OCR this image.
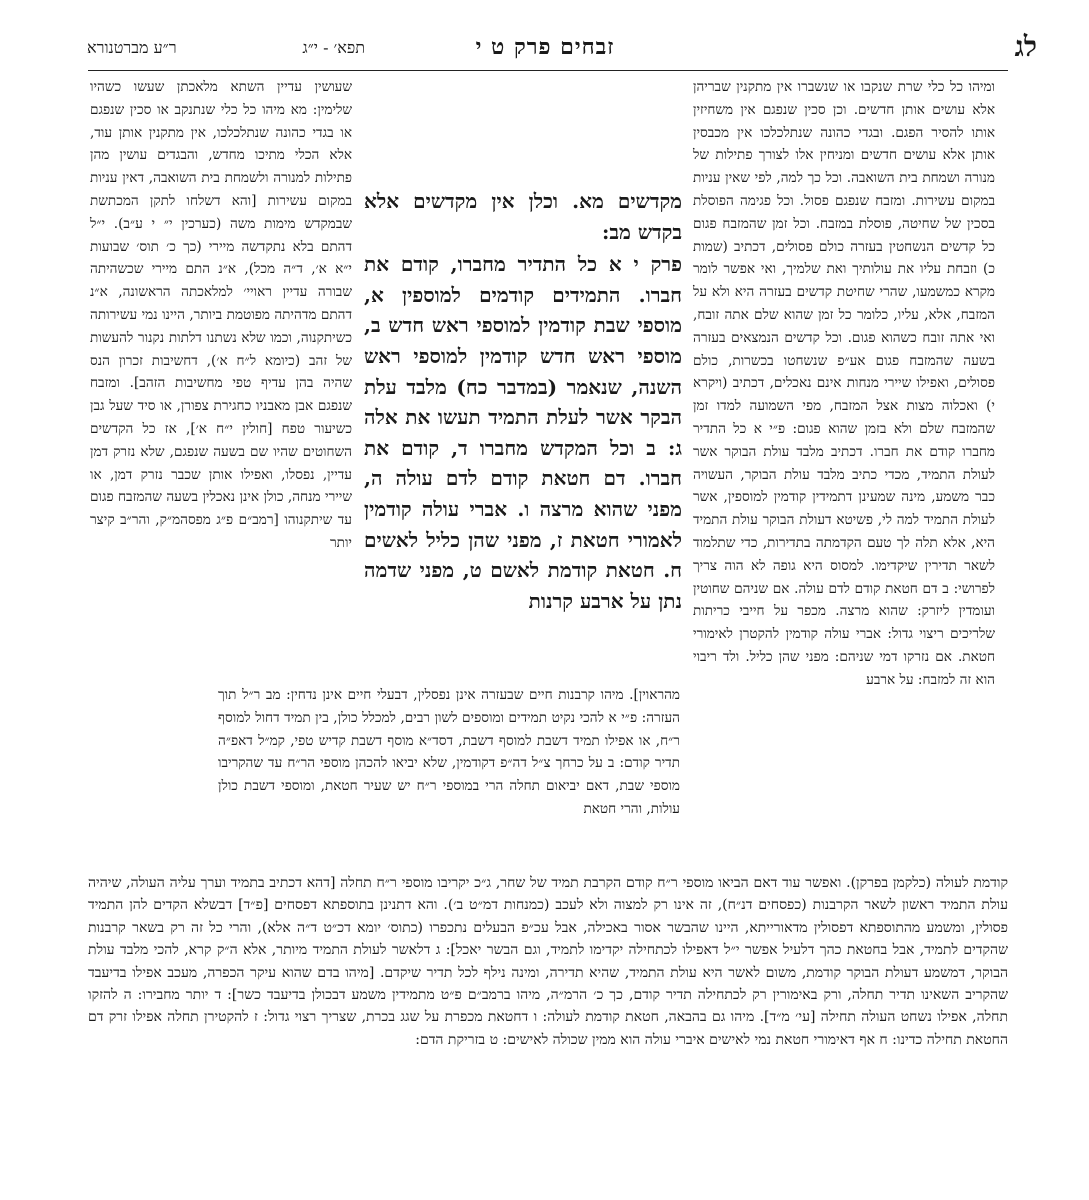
לג
תפא׳ - י״ג	זבחים פרק ט י
ר״ע מברטנורא

ומיהו כל כלי שרת שנקבו או שנשברו אין מתקנין שבריהן אלא עושים אותן חדשים. וכן סכין שנפגם אין משחיזין אותו להסיר הפגם. ובגדי כהונה שנתלכלכו אין מכבסין אותן אלא עושים חדשים ומניחין אלו לצורך פתילות של מנורה ושמחת בית השואבה. וכל כך למה, לפי שאין עניות במקום עשירות. ומזבח שנפגם פסול. וכל פגימה הפוסלת בסכין של שחיטה, פוסלת במזבח. וכל זמן שהמזבח פגום כל קדשים הנשחטין בעזרה כולם פסולים, דכתיב (שמות כ) וזבחת עליו את עולותיך ואת שלמיך, ואי אפשר לומר מקרא כמשמעו, שהרי שחיטת קדשים בעזרה היא ולא על המזבח, אלא, עליו, כלומר כל זמן שהוא שלם אתה זובח, ואי אתה זובח כשהוא פגום. וכל קדשים הנמצאים בעזרה בשעה שהמזבח פגום אע״פ שנשחטו בכשרות, כולם פסולים, ואפילו שיירי מנחות אינם נאכלים, דכתיב (ויקרא י) ואכלוה מצות אצל המזבח, מפי השמועה למדו זמן שהמזבח שלם ולא בזמן שהוא פגום: פ״י א כל התדיר מחברו קודם את חברו. דכתיב מלבד עולת הבוקר אשר לעולת התמיד, מכדי כתיב מלבד עולת הבוקר, העשויה כבר משמע, מינה שמעינן דתמידין קודמין למוספין, אשר לעולת התמיד למה לי, פשיטא דעולת הבוקר עולת התמיד היא, אלא תלה לך טעם הקדמתה בתדירות, כדי שתלמוד לשאר תדירין שיקדימו. למסוס היא גופה לא הוה צריך לפרושי: ב דם חטאת קודם לדם עולה. אם שניהם שחוטין ועומדין ליזרק: שהוא מרצה. מכפר על חייבי כריתות שלריכים ריצוי גדול: אברי עולה קודמין להקטרן לאימורי חטאת. אם נזרקו דמי שניהם: מפני שהן כליל. ולד ריבוי הוא זה למזבח: על ארבע

מקדשים מא. וכלן אין מקדשים אלא בקדש מב:

פרק י א כל התדיר מחברו, קודם את חברו. התמידים קודמים למוספין א, מוספי שבת קודמין למוספי ראש חדש ב, מוספי ראש חדש קודמין למוספי ראש השנה, שנאמר (במדבר כח) מלבד עלת הבקר אשר לעלת התמיד תעשו את אלה ג: ב וכל המקדש מחברו ד, קודם את חברו. דם חטאת קודם לדם עולה ה, מפני שהוא מרצה ו. אברי עולה קודמין לאמורי חטאת ז, מפני שהן כליל לאשים ח. חטאת קודמת לאשם ט, מפני שדמה נתן על ארבע קרנות

שעושין עדיין השתא מלאכתן שעשו כשהיו שלימין: מא מיהו כל כלי שנתנקב או סכין שנפגם או בגדי כהונה שנתלכלכו, אין מתקנין אותן עוד, אלא הכלי מתיכו מחדש, והבגדים עושין מהן פתילות למנורה ולשמחת בית השואבה, דאין עניות במקום עשירות [והא דשלחו לתקן המכתשת שבמקדש מימות משה (כערכין י״ י ע״ב). י״ל דהתם בלא נתקדשה מיירי (כך כ׳ תוס׳ שבועות י״א א׳, ד״ה מכל), א״נ התם מיירי שכשהיתה שבורה עדיין ראויי׳ למלאכתה הראשונה, א״נ דהתם מדהיתה מפוטמת ביותר, היינו נמי עשירותה כשיתקנוה, וכמו שלא נשתנו דלתות נקנור להעשות של זהב (כיומא ל״ח א׳), דחשיבות זכרון הנס שהיה בהן עדיף טפי מחשיבות הזהב]. ומזבח שנפגם אבן מאבניו כחגירת צפורן, או סיד שעל גבן כשיעור טפח [חולין י״ח א׳], אז כל הקדשים השחוטים שהיו שם בשעה שנפגם, שלא נזרק דמן עדיין, נפסלו, ואפילו אותן שכבר נזרק דמן, או שיירי מנחה, כולן אינן נאכלין בשעה שהמזבח פגום עד שיתקנוהו [רמב״ם פ״ג מפסהמ״ק, והר״ב קיצר יותר

מהראוין]. מיהו קרבנות חיים שבעזרה אינן נפסלין, דבעלי חיים אינן נדחין: מב ר״ל תוך העזרה: פ״י א להכי נקיט תמידים ומוספים לשון רבים, למכלל כולן, בין תמיד דחול למוסף ר״ח, או אפילו תמיד דשבת למוסף דשבת, דסד״א מוסף דשבת קדיש טפי, קמ״ל דאפ״ה תדיר קודם: ב על כרחך צ״ל דה״פ דקודמין, שלא יביאו להכהן מוספי הר״ח עד שהקריבו מוספי שבת, דאם יביאום תחלה הרי במוספי ר״ח יש שעיר חטאת, ומוספי דשבת כולן עולות, והרי חטאת

קודמת לעולה (כלקמן בפרקן). ואפשר עוד דאם הביאו מוספי ר״ח קודם הקרבת תמיד של שחר, ג״כ יקריבו מוספי ר״ח תחלה [דהא דכתיב בתמיד וערך עליה העולה, שיהיה עולת התמיד ראשון לשאר הקרבנות (כפסחים דנ״ח), זה אינו רק למצוה ולא לעכב (כמנחות דמ״ט ב׳). והא דתנינן בתוספתא דפסחים [פ״ד] דבשלא הקדים להן התמיד פסולין, ומשמע מהתוספתא דפסולין מדאורייתא, היינו שהבשר אסור באכילה, אבל עכ״פ הבעלים נתכפרו (כתוס׳ יומא דכ״ט ד״ה אלא), והרי כל זה רק בשאר קרבנות שהקדים לתמיד, אבל בחטאת כהך דלעיל אפשר י״ל דאפילו לכתחילה יקדימו לתמיד, וגם הבשר יאכל]: ג דלאשר לעולת התמיד מיותר, אלא ה״ק קרא, להכי מלבד עולת הבוקר, דמשמע דעולת הבוקר קודמת, משום לאשר היא עולת התמיד, שהיא תדירה, ומינה נילף לכל תדיר שיקדם. [מיהו בדם שהוא עיקר הכפרה, מעכב אפילו בדיעבד שהקריב השאינו תדיר תחלה, ורק באימורין רק לכתחילה תדיר קודם, כך כ׳ הרמ״ה, מיהו ברמב״ם פ״ט מתמידין משמע דבכולן בדיעבד כשר]: ד יותר מחבירו: ה להזקו תחלה, אפילו נשחט העולה תחילה [עי׳ מ״ד]. מיהו גם בהבאה, חטאת קודמת לעולה: ו דחטאת מכפרת על שגג בכרת, שצריך רצוי גדול: ז להקטירן תחלה אפילו זרק דם החטאת תחילה כדינו: ח אף דאימורי חטאת נמי לאישים איברי עולה הוא ממין שכולה לאישים: ט בזריקת הדם:
